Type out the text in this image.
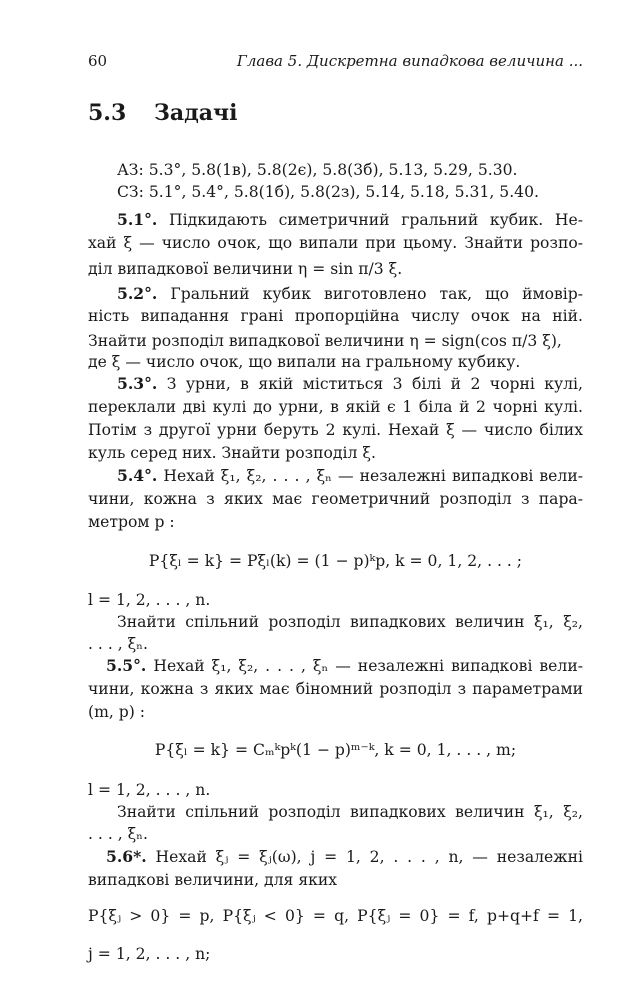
60	Глава 5. Дискретна випадкова величина ...
5.3 Задачі
АЗ: 5.3°, 5.8(1в), 5.8(2є), 5.8(3б), 5.13, 5.29, 5.30.
СЗ: 5.1°, 5.4°, 5.8(1б), 5.8(2з), 5.14, 5.18, 5.31, 5.40.
5.1°. Підкидають симетричний гральний кубик. Не-
хай ξ — число очок, що випали при цьому. Знайти розпо-
діл випадкової величини η = sin π/3 ξ.
5.2°. Гральний кубик виготовлено так, що ймовір-
ність випадання грані пропорційна числу очок на ній.
Знайти розподіл випадкової величини η = sign(cos π/3 ξ),
де ξ — число очок, що випали на гральному кубику.
5.3°. З урни, в якій міститься 3 білі й 2 чорні кулі,
переклали дві кулі до урни, в якій є 1 біла й 2 чорні кулі.
Потім з другої урни беруть 2 кулі. Нехай ξ — число білих
куль серед них. Знайти розподіл ξ.
5.4°. Нехай ξ₁, ξ₂, . . . , ξₙ — незалежні випадкові вели-
чини, кожна з яких має геометричний розподіл з пара-
метром p :
P{ξₗ = k} = Pξₗ(k) = (1 − p)ᵏp, k = 0, 1, 2, . . . ;
l = 1, 2, . . . , n.
Знайти спільний розподіл випадкових величин ξ₁, ξ₂,
. . . , ξₙ.
5.5°. Нехай ξ₁, ξ₂, . . . , ξₙ — незалежні випадкові вели-
чини, кожна з яких має біномний розподіл з параметрами
(m, p) :
P{ξₗ = k} = Cₘᵏpᵏ(1 − p)ᵐ⁻ᵏ, k = 0, 1, . . . , m;
l = 1, 2, . . . , n.
Знайти спільний розподіл випадкових величин ξ₁, ξ₂,
. . . , ξₙ.
5.6*. Нехай ξⱼ = ξⱼ(ω), j = 1, 2, . . . , n, — незалежні
випадкові величини, для яких
P{ξⱼ > 0} = p, P{ξⱼ < 0} = q, P{ξⱼ = 0} = f, p+q+f = 1,
j = 1, 2, . . . , n;
